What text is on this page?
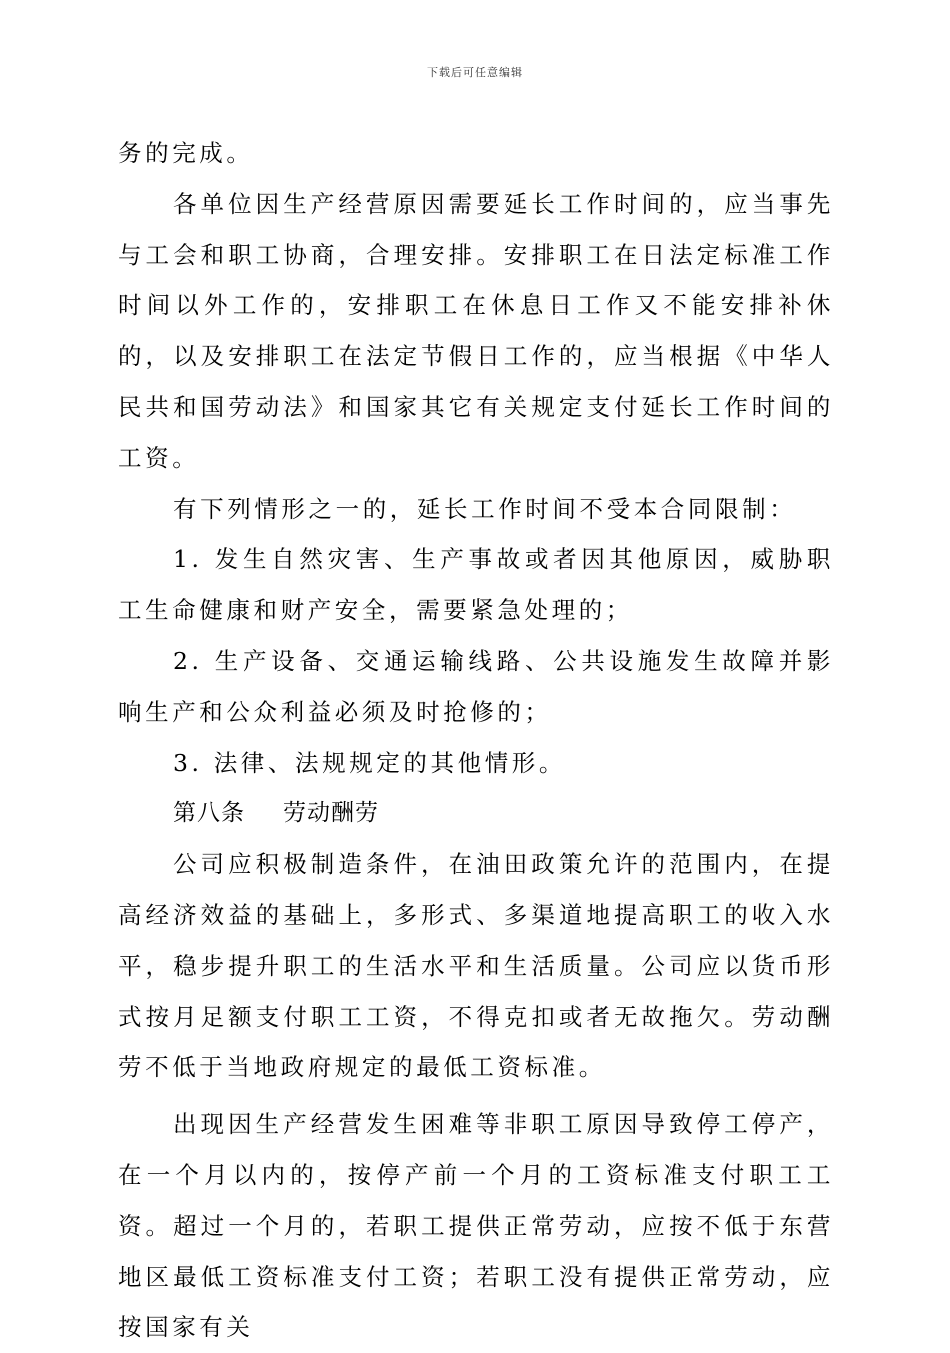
下载后可任意编辑

务的完成。

各单位因生产经营原因需要延长工作时间的，应当事先与工会和职工协商，合理安排。安排职工在日法定标准工作时间以外工作的，安排职工在休息日工作又不能安排补休的，以及安排职工在法定节假日工作的，应当根据《中华人民共和国劳动法》和国家其它有关规定支付延长工作时间的工资。

有下列情形之一的，延长工作时间不受本合同限制：

1. 发生自然灾害、生产事故或者因其他原因，威胁职工生命健康和财产安全，需要紧急处理的；

2. 生产设备、交通运输线路、公共设施发生故障并影响生产和公众利益必须及时抢修的；

3. 法律、法规规定的其他情形。

第八条 劳动酬劳

公司应积极制造条件，在油田政策允许的范围内，在提高经济效益的基础上，多形式、多渠道地提高职工的收入水平，稳步提升职工的生活水平和生活质量。公司应以货币形式按月足额支付职工工资，不得克扣或者无故拖欠。劳动酬劳不低于当地政府规定的最低工资标准。

出现因生产经营发生困难等非职工原因导致停工停产，在一个月以内的，按停产前一个月的工资标准支付职工工资。超过一个月的，若职工提供正常劳动，应按不低于东营地区最低工资标准支付工资；若职工没有提供正常劳动，应按国家有关
